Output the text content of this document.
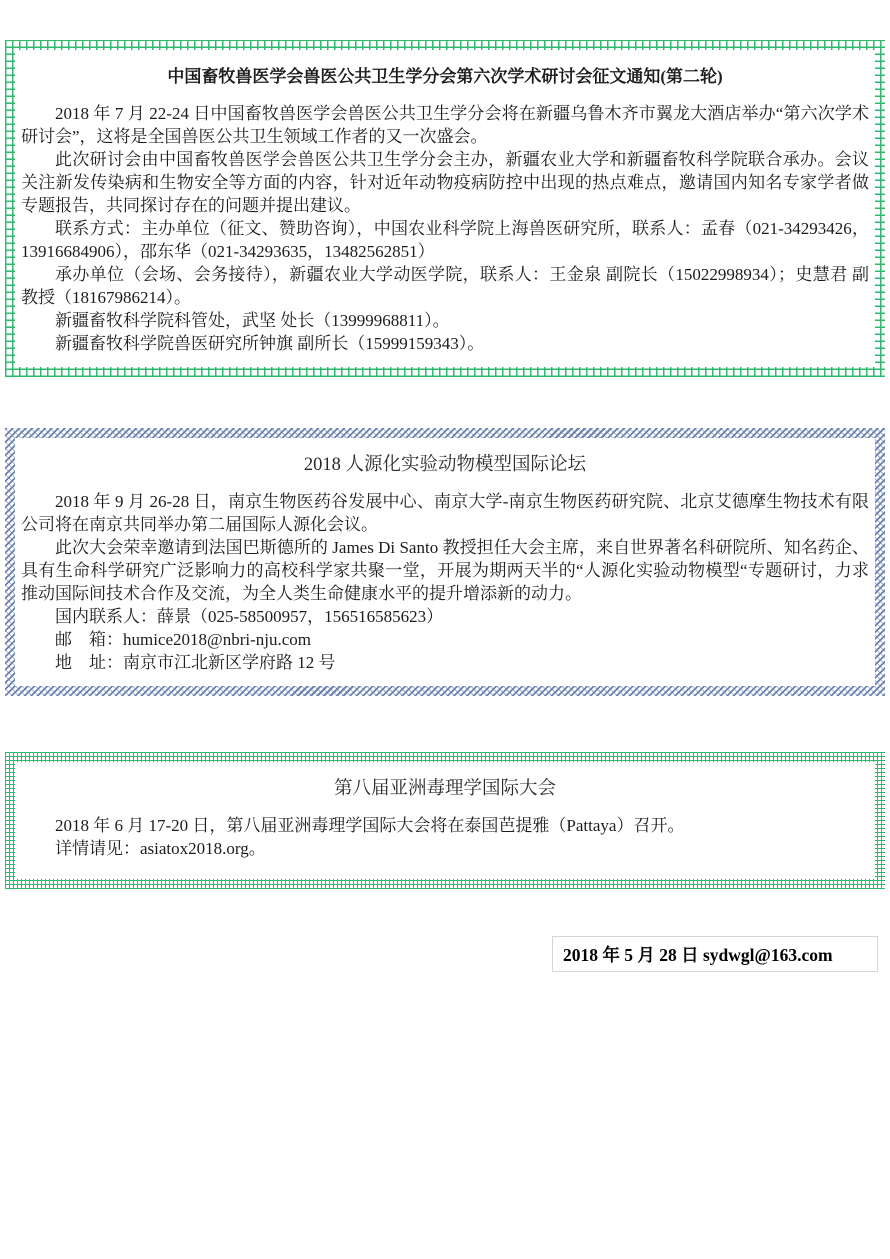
中国畜牧兽医学会兽医公共卫生学分会第六次学术研讨会征文通知(第二轮)

2018 年 7 月 22-24 日中国畜牧兽医学会兽医公共卫生学分会将在新疆乌鲁木齐市翼龙大酒店举办“第六次学术研讨会”，这将是全国兽医公共卫生领域工作者的又一次盛会。

此次研讨会由中国畜牧兽医学会兽医公共卫生学分会主办，新疆农业大学和新疆畜牧科学院联合承办。会议关注新发传染病和生物安全等方面的内容，针对近年动物疫病防控中出现的热点难点，邀请国内知名专家学者做专题报告，共同探讨存在的问题并提出建议。

联系方式：主办单位（征文、赞助咨询），中国农业科学院上海兽医研究所，联系人：孟春（021-34293426，13916684906），邵东华（021-34293635，13482562851）

承办单位（会场、会务接待），新疆农业大学动医学院，联系人：王金泉 副院长（15022998934）；史慧君 副教授（18167986214）。

新疆畜牧科学院科管处，武坚 处长（13999968811）。

新疆畜牧科学院兽医研究所钟旗 副所长（15999159343）。

2018 人源化实验动物模型国际论坛

2018 年 9 月 26-28 日，南京生物医药谷发展中心、南京大学-南京生物医药研究院、北京艾德摩生物技术有限公司将在南京共同举办第二届国际人源化会议。

此次大会荣幸邀请到法国巴斯德所的 James Di Santo 教授担任大会主席，来自世界著名科研院所、知名药企、具有生命科学研究广泛影响力的高校科学家共聚一堂，开展为期两天半的“人源化实验动物模型“专题研讨，力求推动国际间技术合作及交流，为全人类生命健康水平的提升增添新的动力。

国内联系人：薛景（025-58500957，156516585623）

邮　箱：humice2018@nbri-nju.com

地　址：南京市江北新区学府路 12 号

第八届亚洲毒理学国际大会

2018 年 6 月 17-20 日，第八届亚洲毒理学国际大会将在泰国芭提雅（Pattaya）召开。

详情请见：asiatox2018.org。

2018 年 5 月 28 日 sydwgl@163.com
